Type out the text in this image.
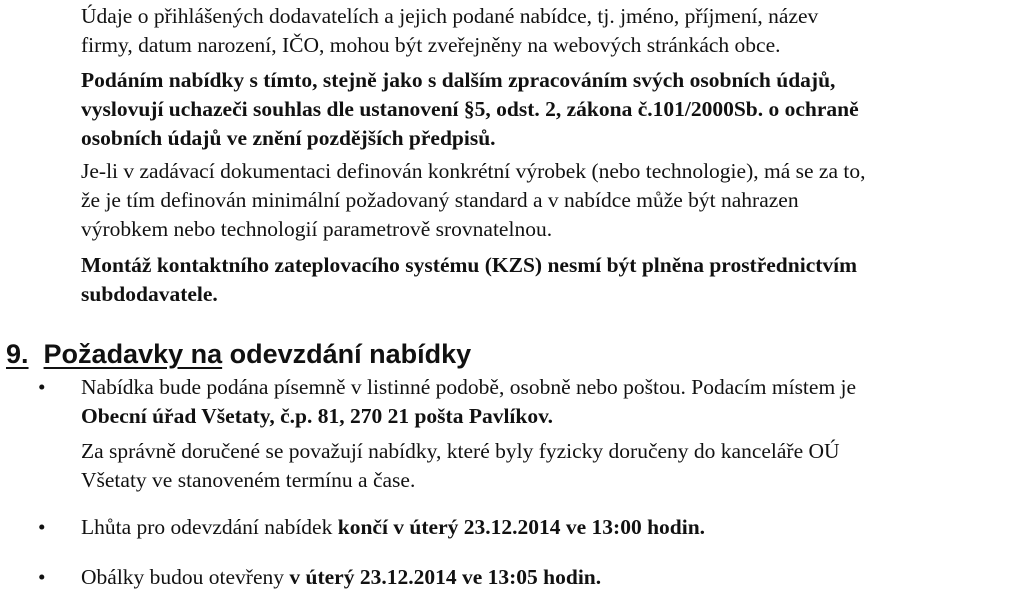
Údaje o přihlášených dodavatelích a jejich podané nabídce, tj. jméno, příjmení, název
firmy, datum narození, IČO, mohou být zveřejněny na webových stránkách obce.

Podáním nabídky s tímto, stejně jako s dalším zpracováním svých osobních údajů,
vyslovují uchazeči souhlas dle ustanovení §5, odst. 2, zákona č.101/2000Sb. o ochraně
osobních údajů ve znění pozdějších předpisů.

Je-li v zadávací dokumentaci definován konkrétní výrobek (nebo technologie), má se za to,
že je tím definován minimální požadovaný standard a v nabídce může být nahrazen
výrobkem nebo technologií parametrově srovnatelnou.

Montáž kontaktního zateplovacího systému (KZS) nesmí být plněna prostřednictvím
subdodavatele.

9. Požadavky na odevzdání nabídky
• Nabídka bude podána písemně v listinné podobě, osobně nebo poštou. Podacím místem je
Obecní úřad Všetaty, č.p. 81, 270 21 pošta Pavlíkov.

Za správně doručené se považují nabídky, které byly fyzicky doručeny do kanceláře OÚ
Všetaty ve stanoveném termínu a čase.

• Lhůta pro odevzdání nabídek končí v úterý 23.12.2014 ve 13:00 hodin.

• Obálky budou otevřeny v úterý 23.12.2014 ve 13:05 hodin.
